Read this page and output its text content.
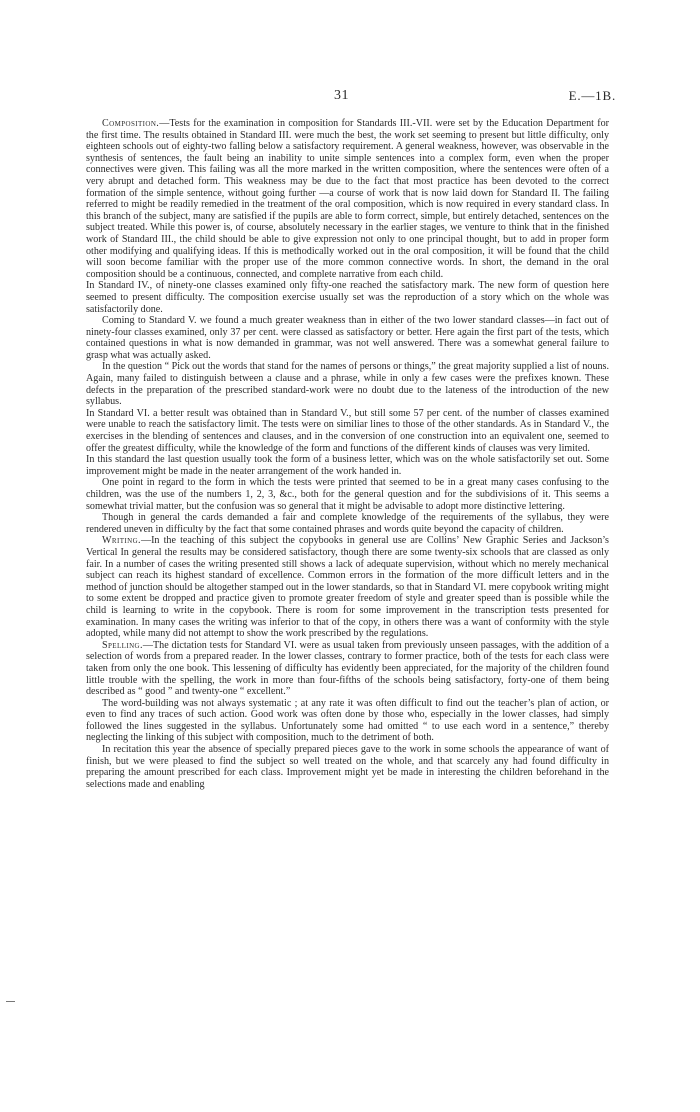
31	E.—1B.

Composition.—Tests for the examination in composition for Standards III.-VII. were set by the Education Department for the first time. The results obtained in Standard III. were much the best, the work set seeming to present but little difficulty, only eighteen schools out of eighty-two falling below a satisfactory requirement. A general weakness, however, was observable in the synthesis of sentences, the fault being an inability to unite simple sentences into a complex form, even when the proper connectives were given. This failing was all the more marked in the written composition, where the sentences were often of a very abrupt and detached form. This weakness may be due to the fact that most practice has been devoted to the correct formation of the simple sentence, without going further —a course of work that is now laid down for Standard II. The failing referred to might be readily remedied in the treatment of the oral composition, which is now required in every standard class. In this branch of the subject, many are satisfied if the pupils are able to form correct, simple, but entirely detached, sentences on the subject treated. While this power is, of course, absolutely necessary in the earlier stages, we venture to think that in the finished work of Standard III., the child should be able to give expression not only to one principal thought, but to add in proper form other modifying and qualifying ideas. If this is methodically worked out in the oral composition, it will be found that the child will soon become familiar with the proper use of the more common connective words. In short, the demand in the oral composition should be a continuous, connected, and complete narrative from each child.

In Standard IV., of ninety-one classes examined only fifty-one reached the satisfactory mark. The new form of question here seemed to present difficulty. The composition exercise usually set was the reproduction of a story which on the whole was satisfactorily done.

Coming to Standard V. we found a much greater weakness than in either of the two lower standard classes—in fact out of ninety-four classes examined, only 37 per cent. were classed as satisfactory or better. Here again the first part of the tests, which contained questions in what is now demanded in grammar, was not well answered. There was a somewhat general failure to grasp what was actually asked.

In the question “ Pick out the words that stand for the names of persons or things,” the great majority supplied a list of nouns. Again, many failed to distinguish between a clause and a phrase, while in only a few cases were the prefixes known. These defects in the preparation of the prescribed standard-work were no doubt due to the lateness of the introduction of the new syllabus.

In Standard VI. a better result was obtained than in Standard V., but still some 57 per cent. of the number of classes examined were unable to reach the satisfactory limit. The tests were on similiar lines to those of the other standards. As in Standard V., the exercises in the blending of sentences and clauses, and in the conversion of one construction into an equivalent one, seemed to offer the greatest difficulty, while the knowledge of the form and functions of the different kinds of clauses was very limited.

In this standard the last question usually took the form of a business letter, which was on the whole satisfactorily set out. Some improvement might be made in the neater arrangement of the work handed in.

One point in regard to the form in which the tests were printed that seemed to be in a great many cases confusing to the children, was the use of the numbers 1, 2, 3, &c., both for the general question and for the subdivisions of it. This seems a somewhat trivial matter, but the confusion was so general that it might be advisable to adopt more distinctive lettering.

Though in general the cards demanded a fair and complete knowledge of the requirements of the syllabus, they were rendered uneven in difficulty by the fact that some contained phrases and words quite beyond the capacity of children.

Writing.—In the teaching of this subject the copybooks in general use are Collins’ New Graphic Series and Jackson’s Vertical In general the results may be considered satisfactory, though there are some twenty-six schools that are classed as only fair. In a number of cases the writing presented still shows a lack of adequate supervision, without which no merely mechanical subject can reach its highest standard of excellence. Common errors in the formation of the more difficult letters and in the method of junction should be altogether stamped out in the lower standards, so that in Standard VI. mere copybook writing might to some extent be dropped and practice given to promote greater freedom of style and greater speed than is possible while the child is learning to write in the copybook. There is room for some improvement in the transcription tests presented for examination. In many cases the writing was inferior to that of the copy, in others there was a want of conformity with the style adopted, while many did not attempt to show the work prescribed by the regulations.

Spelling.—The dictation tests for Standard VI. were as usual taken from previously unseen passages, with the addition of a selection of words from a prepared reader. In the lower classes, contrary to former practice, both of the tests for each class were taken from only the one book. This lessening of difficulty has evidently been appreciated, for the majority of the children found little trouble with the spelling, the work in more than four-fifths of the schools being satisfactory, forty-one of them being described as “ good ” and twenty-one “ excellent.”

The word-building was not always systematic ; at any rate it was often difficult to find out the teacher’s plan of action, or even to find any traces of such action. Good work was often done by those who, especially in the lower classes, had simply followed the lines suggested in the syllabus. Unfortunately some had omitted “ to use each word in a sentence,” thereby neglecting the linking of this subject with composition, much to the detriment of both.

In recitation this year the absence of specially prepared pieces gave to the work in some schools the appearance of want of finish, but we were pleased to find the subject so well treated on the whole, and that scarcely any had found difficulty in preparing the amount prescribed for each class. Improvement might yet be made in interesting the children beforehand in the selections made and enabling
